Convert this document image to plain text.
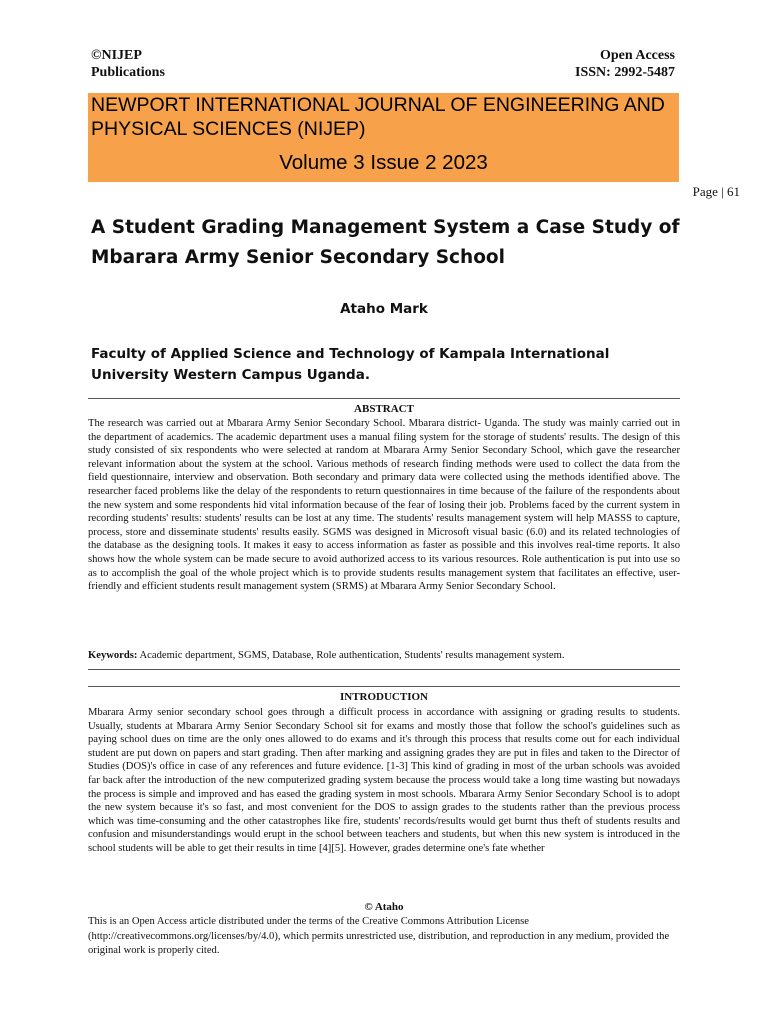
©NIJEP
Publications
Open Access
ISSN: 2992-5487
NEWPORT INTERNATIONAL JOURNAL OF ENGINEERING AND PHYSICAL SCIENCES (NIJEP)
Volume 3 Issue 2 2023
Page | 61
A Student Grading Management System a Case Study of Mbarara Army Senior Secondary School
Ataho Mark
Faculty of Applied Science and Technology of Kampala International University Western Campus Uganda.
ABSTRACT
The research was carried out at Mbarara Army Senior Secondary School. Mbarara district- Uganda. The study was mainly carried out in the department of academics. The academic department uses a manual filing system for the storage of students' results. The design of this study consisted of six respondents who were selected at random at Mbarara Army Senior Secondary School, which gave the researcher relevant information about the system at the school. Various methods of research finding methods were used to collect the data from the field questionnaire, interview and observation. Both secondary and primary data were collected using the methods identified above. The researcher faced problems like the delay of the respondents to return questionnaires in time because of the failure of the respondents about the new system and some respondents hid vital information because of the fear of losing their job. Problems faced by the current system in recording students' results: students' results can be lost at any time. The students' results management system will help MASSS to capture, process, store and disseminate students' results easily. SGMS was designed in Microsoft visual basic (6.0) and its related technologies of the database as the designing tools. It makes it easy to access information as faster as possible and this involves real-time reports. It also shows how the whole system can be made secure to avoid authorized access to its various resources. Role authentication is put into use so as to accomplish the goal of the whole project which is to provide students results management system that facilitates an effective, user-friendly and efficient students result management system (SRMS) at Mbarara Army Senior Secondary School.
Keywords: Academic department, SGMS, Database, Role authentication, Students' results management system.
INTRODUCTION
Mbarara Army senior secondary school goes through a difficult process in accordance with assigning or grading results to students. Usually, students at Mbarara Army Senior Secondary School sit for exams and mostly those that follow the school's guidelines such as paying school dues on time are the only ones allowed to do exams and it's through this process that results come out for each individual student are put down on papers and start grading. Then after marking and assigning grades they are put in files and taken to the Director of Studies (DOS)'s office in case of any references and future evidence. [1-3] This kind of grading in most of the urban schools was avoided far back after the introduction of the new computerized grading system because the process would take a long time wasting but nowadays the process is simple and improved and has eased the grading system in most schools. Mbarara Army Senior Secondary School is to adopt the new system because it's so fast, and most convenient for the DOS to assign grades to the students rather than the previous process which was time-consuming and the other catastrophes like fire, students' records/results would get burnt thus theft of students results and confusion and misunderstandings would erupt in the school between teachers and students, but when this new system is introduced in the school students will be able to get their results in time [4][5]. However, grades determine one's fate whether
© Ataho
This is an Open Access article distributed under the terms of the Creative Commons Attribution License (http://creativecommons.org/licenses/by/4.0), which permits unrestricted use, distribution, and reproduction in any medium, provided the original work is properly cited.
